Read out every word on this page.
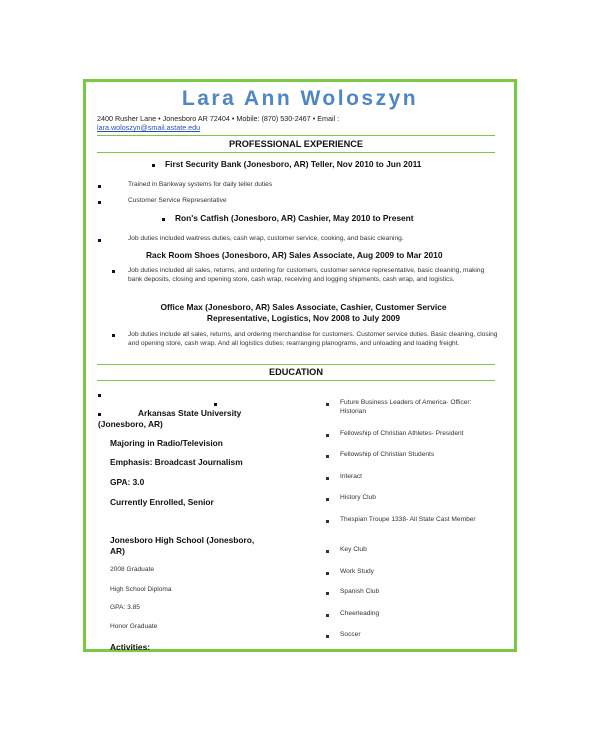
Lara Ann Woloszyn
2400 Rusher Lane • Jonesboro AR 72404 • Mobile: (870) 530-2467 • Email :
lara.woloszyn@smail.astate.edu
PROFESSIONAL EXPERIENCE
First Security Bank (Jonesboro, AR) Teller, Nov 2010 to Jun 2011
Trained in Bankway systems for daily teller duties
Customer Service Representative
Ron's Catfish (Jonesboro, AR) Cashier, May 2010 to Present
Job duties included waitress duties, cash wrap, customer service, cooking, and basic cleaning.
Rack Room Shoes (Jonesboro, AR) Sales Associate, Aug 2009 to Mar 2010
Job duties included all sales, returns, and ordering for customers, customer service representative, basic cleaning, making bank deposits, closing and opening store, cash wrap, receiving and logging shipments, cash wrap, and logistics.
Office Max (Jonesboro, AR) Sales Associate, Cashier, Customer Service Representative, Logistics, Nov 2008 to July 2009
Job duties include all sales, returns, and ordering merchandise for customers. Customer service duties. Basic cleaning, closing and opening store, cash wrap. And all logistics duties; rearranging planograms, and unloading and loading freight.
EDUCATION
Arkansas State University (Jonesboro, AR)
Majoring in Radio/Television
Emphasis: Broadcast Journalism
GPA: 3.0
Currently Enrolled, Senior
Jonesboro High School (Jonesboro, AR)
2008 Graduate
High School Diploma
GPA: 3.85
Honor Graduate
Activities:
Future Business Leaders of America- Officer: Historian
Fellowship of Christian Athletes- President
Fellowship of Christian Students
Interact
History Club
Thespian Troupe 1338- All State Cast Member
Key Club
Work Study
Spanish Club
Cheerleading
Soccer
